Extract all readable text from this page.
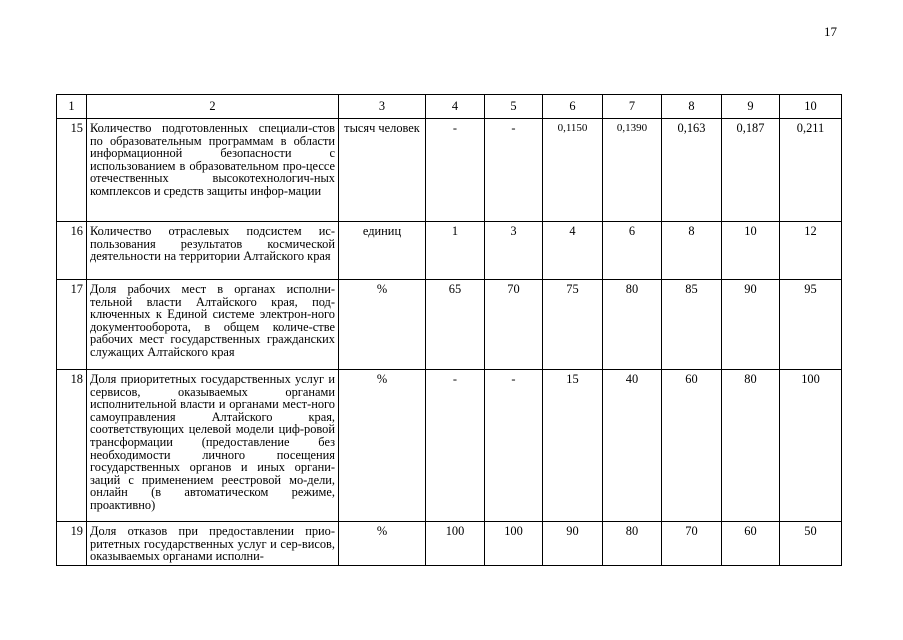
17
1	2	3	4	5	6	7	8	9	10
15	Количество подготовленных специали-стов по образовательным программам в области информационной безопасности с использованием в образовательном про-цессе отечественных высокотехнологич-ных комплексов и средств защиты инфор-мации	тысяч человек	-	-	0,1150	0,1390	0,163	0,187	0,211
16	Количество отраслевых подсистем ис-пользования результатов космической деятельности на территории Алтайского края	единиц	1	3	4	6	8	10	12
17	Доля рабочих мест в органах исполни-тельной власти Алтайского края, под-ключенных к Единой системе электрон-ного документооборота, в общем количе-стве рабочих мест государственных гражданских служащих Алтайского края	%	65	70	75	80	85	90	95
18	Доля приоритетных государственных услуг и сервисов, оказываемых органами исполнительной власти и органами мест-ного самоуправления Алтайского края, соответствующих целевой модели циф-ровой трансформации (предоставление без необходимости личного посещения государственных органов и иных органи-заций с применением реестровой мо-дели, онлайн (в автоматическом режиме, проактивно)	%	-	-	15	40	60	80	100
19	Доля отказов при предоставлении прио-ритетных государственных услуг и сер-висов, оказываемых органами исполни-	%	100	100	90	80	70	60	50
